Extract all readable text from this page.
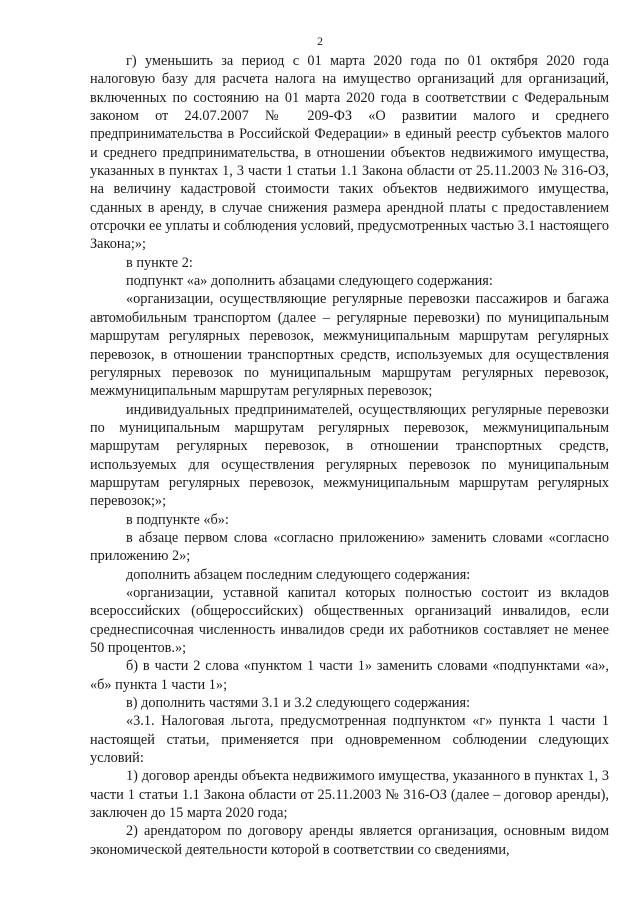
2

г) уменьшить за период с 01 марта 2020 года по 01 октября 2020 года налоговую базу для расчета налога на имущество организаций для организаций, включенных по состоянию на 01 марта 2020 года в соответствии с Федеральным законом от 24.07.2007 № 209-ФЗ «О развитии малого и среднего предпринимательства в Российской Федерации» в единый реестр субъектов малого и среднего предпринимательства, в отношении объектов недвижимого имущества, указанных в пунктах 1, 3 части 1 статьи 1.1 Закона области от 25.11.2003 № 316-ОЗ, на величину кадастровой стоимости таких объектов недвижимого имущества, сданных в аренду, в случае снижения размера арендной платы с предоставлением отсрочки ее уплаты и соблюдения условий, предусмотренных частью 3.1 настоящего Закона;»;

в пункте 2:

подпункт «а» дополнить абзацами следующего содержания:

«организации, осуществляющие регулярные перевозки пассажиров и багажа автомобильным транспортом (далее – регулярные перевозки) по муниципальным маршрутам регулярных перевозок, межмуниципальным маршрутам регулярных перевозок, в отношении транспортных средств, используемых для осуществления регулярных перевозок по муниципальным маршрутам регулярных перевозок, межмуниципальным маршрутам регулярных перевозок;

индивидуальных предпринимателей, осуществляющих регулярные перевозки по муниципальным маршрутам регулярных перевозок, межмуниципальным маршрутам регулярных перевозок, в отношении транспортных средств, используемых для осуществления регулярных перевозок по муниципальным маршрутам регулярных перевозок, межмуниципальным маршрутам регулярных перевозок;»;

в подпункте «б»:

в абзаце первом слова «согласно приложению» заменить словами «согласно приложению 2»;

дополнить абзацем последним следующего содержания:

«организации, уставной капитал которых полностью состоит из вкладов всероссийских (общероссийских) общественных организаций инвалидов, если среднесписочная численность инвалидов среди их работников составляет не менее 50 процентов.»;

б) в части 2 слова «пунктом 1 части 1» заменить словами «подпунктами «а», «б» пункта 1 части 1»;

в) дополнить частями 3.1 и 3.2 следующего содержания:

«3.1. Налоговая льгота, предусмотренная подпунктом «г» пункта 1 части 1 настоящей статьи, применяется при одновременном соблюдении следующих условий:

1) договор аренды объекта недвижимого имущества, указанного в пунктах 1, 3 части 1 статьи 1.1 Закона области от 25.11.2003 № 316-ОЗ (далее – договор аренды), заключен до 15 марта 2020 года;

2) арендатором по договору аренды является организация, основным видом экономической деятельности которой в соответствии со сведениями,
